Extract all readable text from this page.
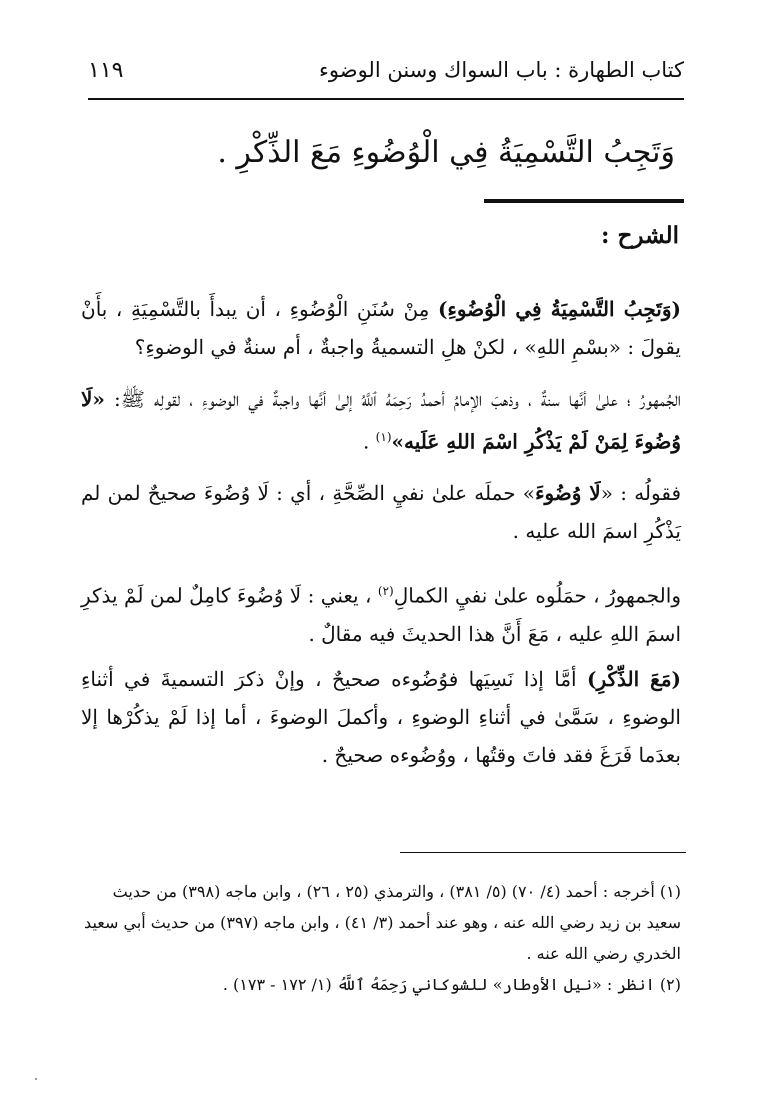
كتاب الطهارة : باب السواك وسنن الوضوء
١١٩
وَتَجِبُ التَّسْمِيَةُ فِي الْوُضُوءِ مَعَ الذِّكْرِ .
الشرح :

(وَتَجِبُ التَّسْمِيَةُ فِي الْوُضُوءِ) مِنْ سُنَنِ الْوُضُوءِ ، أن يبدأَ بالتَّسْمِيَةِ ، بأَنْ يقولَ : «بسْمِ اللهِ» ، لكنْ هلِ التسميةُ واجبةٌ ، أم سنةٌ في الوضوءِ؟

الجُمهورُ ؛ علىٰ أنَّها سنةٌ ، وذهبَ الإمامُ أحمدُ رَحِمَهُ ٱللَّهُ إلىٰ أنَّها واجبةٌ في الوضوءِ ، لقولِه ﷺ: «لَا وُضُوءَ لِمَنْ لَمْ يَذْكُرِ اسْمَ اللهِ عَلَيه»$^{(١)}$ .

فقولُه : «لَا وُضُوءَ» حملَه علىٰ نفيِ الصِّحَّةِ ، أي : لَا وُضُوءَ صحيحٌ لمن لم يَذْكُرِ اسمَ الله عليه .

والجمهورُ ، حمَلُوه علىٰ نفيِ الكمالِ$^{(٢)}$ ، يعني : لَا وُضُوءَ كامِلٌ لمن لَمْ يذكرِ اسمَ اللهِ عليه ، مَعَ أَنَّ هذا الحديثَ فيه مقالٌ .

(مَعَ الذِّكْرِ) أمَّا إذا نَسِيَها فوُضُوءه صحيحٌ ، وإنْ ذكرَ التسميةَ في أثناءِ الوضوءِ ، سَمَّىٰ في أثناءِ الوضوءِ ، وأكملَ الوضوءَ ، أما إذا لَمْ يذكُرْها إلا بعدَما فَرَغَ فقد فاتَ وقتُها ، ووُضُوءه صحيحٌ .

(١) أخرجه : أحمد (٤/ ٧٠) (٥/ ٣٨١) ، والترمذي (٢٥ ، ٢٦) ، وابن ماجه (٣٩٨) من حديث سعيد بن زيد رضي الله عنه ، وهو عند أحمد (٣/ ٤١) ، وابن ماجه (٣٩٧) من حديث أبي سعيد الخدري رضي الله عنه .

(٢) انظر : «نيل الأوطار» للشوكاني رَحِمَهُ ٱللَّهُ (١/ ١٧٢ - ١٧٣) .
